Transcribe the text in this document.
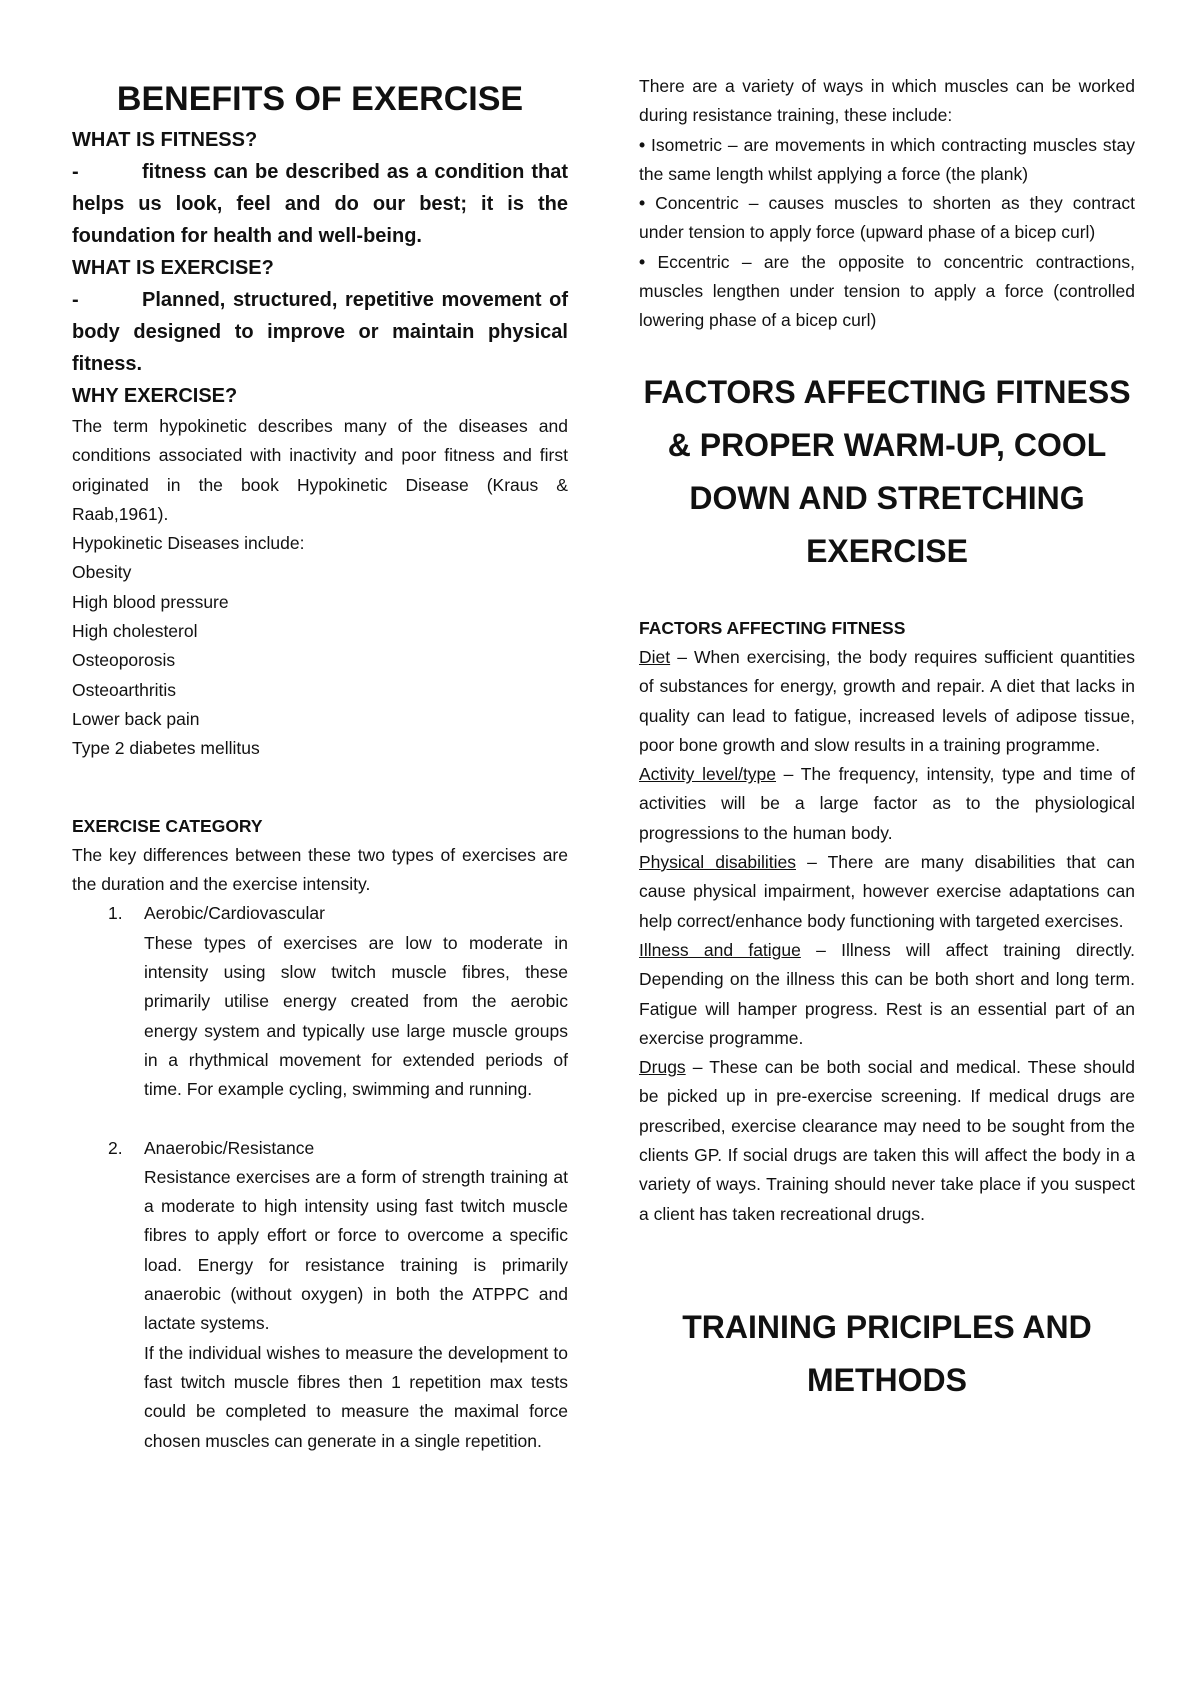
BENEFITS OF EXERCISE

WHAT IS FITNESS?

-	fitness can be described as a condition that helps us look, feel and do our best; it is the foundation for health and well-being.

WHAT IS EXERCISE?

-	Planned, structured, repetitive movement of body designed to improve or maintain physical fitness.

WHY EXERCISE?

The term hypokinetic describes many of the diseases and conditions associated with inactivity and poor fitness and first originated in the book Hypokinetic Disease (Kraus & Raab,1961).

Hypokinetic Diseases include:

Obesity

High blood pressure

High cholesterol

Osteoporosis

Osteoarthritis

Lower back pain

Type 2 diabetes mellitus

EXERCISE CATEGORY

The key differences between these two types of exercises are the duration and the exercise intensity.

1. Aerobic/Cardiovascular

These types of exercises are low to moderate in intensity using slow twitch muscle fibres, these primarily utilise energy created from the aerobic energy system and typically use large muscle groups in a rhythmical movement for extended periods of time. For example cycling, swimming and running.

2. Anaerobic/Resistance

Resistance exercises are a form of strength training at a moderate to high intensity using fast twitch muscle fibres to apply effort or force to overcome a specific load. Energy for resistance training is primarily anaerobic (without oxygen) in both the ATPPC and lactate systems.

If the individual wishes to measure the development to fast twitch muscle fibres then 1 repetition max tests could be completed to measure the maximal force chosen muscles can generate in a single repetition.

There are a variety of ways in which muscles can be worked during resistance training, these include:

• Isometric – are movements in which contracting muscles stay the same length whilst applying a force (the plank)
• Concentric – causes muscles to shorten as they contract under tension to apply force (upward phase of a bicep curl)
• Eccentric – are the opposite to concentric contractions, muscles lengthen under tension to apply a force (controlled lowering phase of a bicep curl)
FACTORS AFFECTING FITNESS & PROPER WARM-UP, COOL DOWN AND STRETCHING EXERCISE

FACTORS AFFECTING FITNESS

Diet – When exercising, the body requires sufficient quantities of substances for energy, growth and repair. A diet that lacks in quality can lead to fatigue, increased levels of adipose tissue, poor bone growth and slow results in a training programme.

Activity level/type – The frequency, intensity, type and time of activities will be a large factor as to the physiological progressions to the human body.

Physical disabilities – There are many disabilities that can cause physical impairment, however exercise adaptations can help correct/enhance body functioning with targeted exercises.

Illness and fatigue – Illness will affect training directly. Depending on the illness this can be both short and long term. Fatigue will hamper progress. Rest is an essential part of an exercise programme.

Drugs – These can be both social and medical. These should be picked up in pre-exercise screening. If medical drugs are prescribed, exercise clearance may need to be sought from the clients GP. If social drugs are taken this will affect the body in a variety of ways. Training should never take place if you suspect a client has taken recreational drugs.

TRAINING PRICIPLES AND METHODS
